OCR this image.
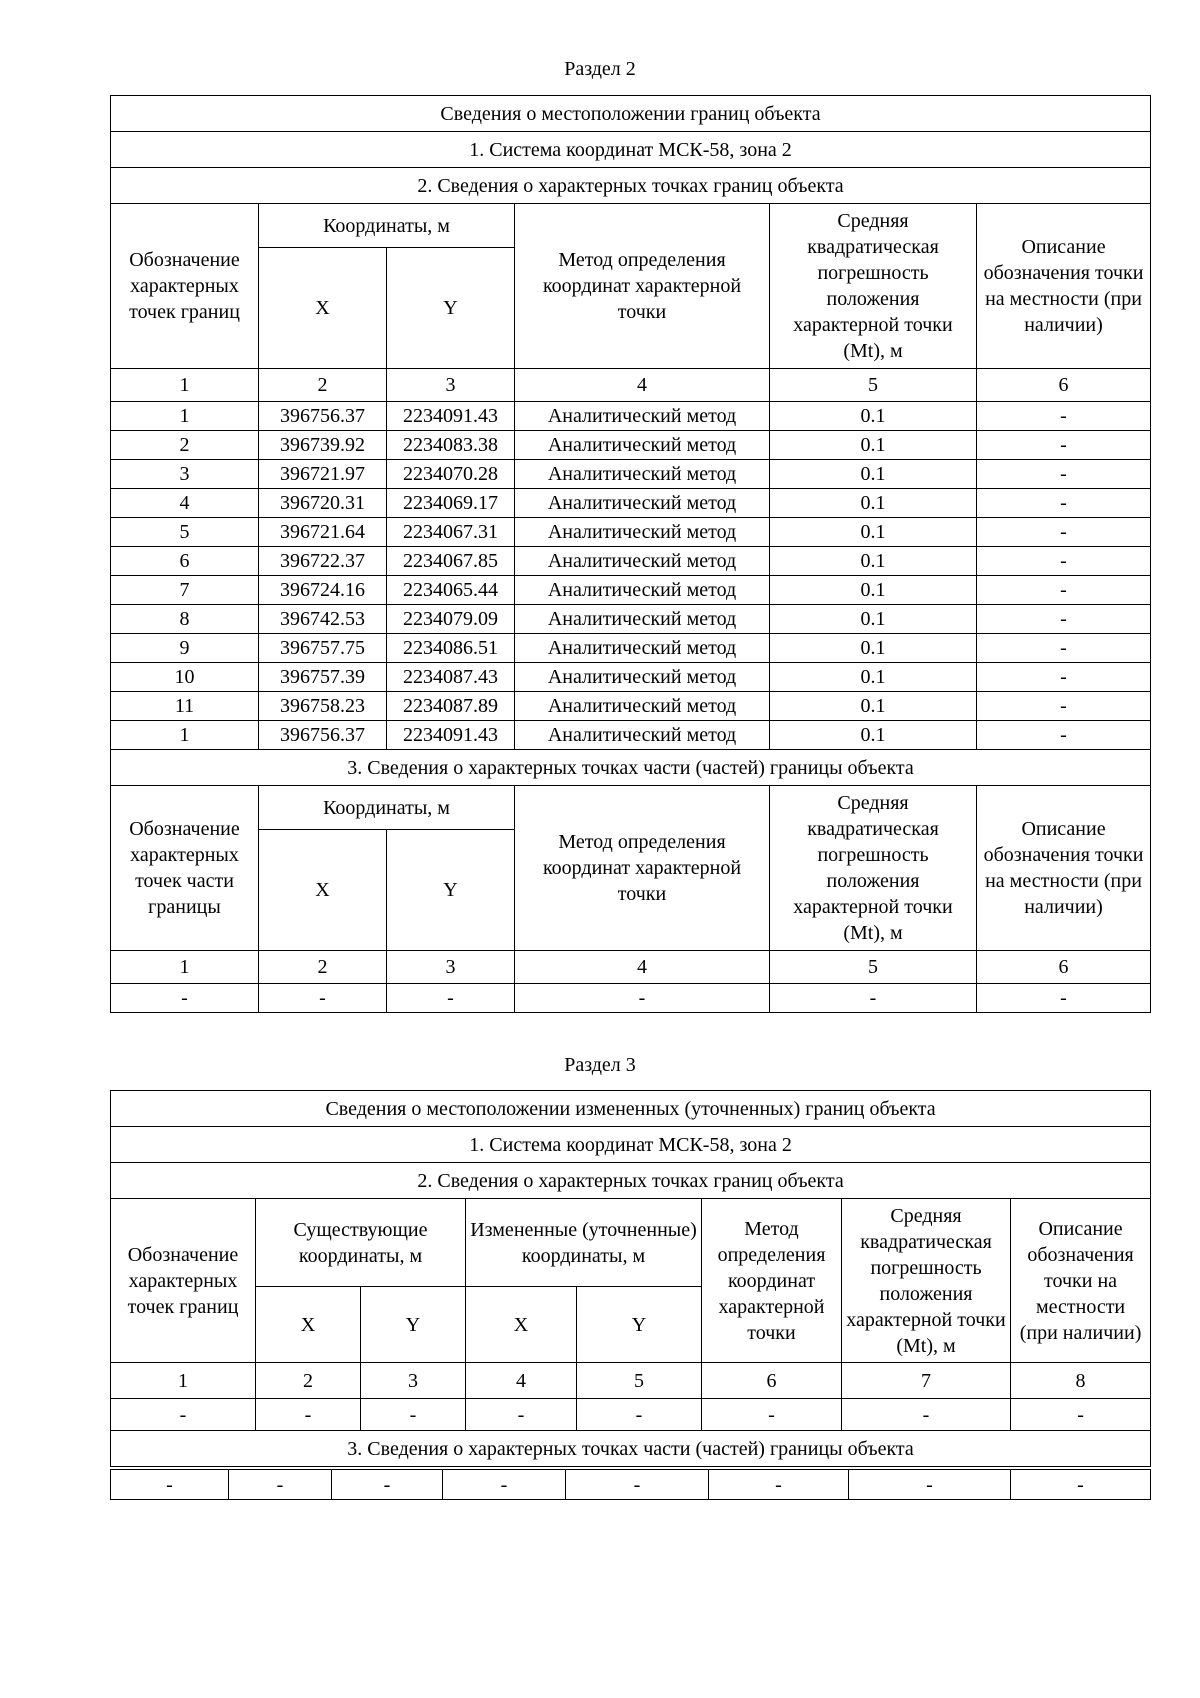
Раздел 2
Сведения о местоположении границ объекта					
1. Система координат МСК-58, зона 2					
2. Сведения о характерных точках границ объекта					
Обозначение характерных точек границ	Координаты, м		Метод определения координат характерной точки	Средняя квадратическая погрешность положения характерной точки (Mt), м	Описание обозначения точки на местности (при наличии)
	X	Y			
1	2	3	4	5	6
1	396756.37	2234091.43	Аналитический метод	0.1	-
2	396739.92	2234083.38	Аналитический метод	0.1	-
3	396721.97	2234070.28	Аналитический метод	0.1	-
4	396720.31	2234069.17	Аналитический метод	0.1	-
5	396721.64	2234067.31	Аналитический метод	0.1	-
6	396722.37	2234067.85	Аналитический метод	0.1	-
7	396724.16	2234065.44	Аналитический метод	0.1	-
8	396742.53	2234079.09	Аналитический метод	0.1	-
9	396757.75	2234086.51	Аналитический метод	0.1	-
10	396757.39	2234087.43	Аналитический метод	0.1	-
11	396758.23	2234087.89	Аналитический метод	0.1	-
1	396756.37	2234091.43	Аналитический метод	0.1	-
3. Сведения о характерных точках части (частей) границы объекта					
Обозначение характерных точек части границы	Координаты, м		Метод определения координат характерной точки	Средняя квадратическая погрешность положения характерной точки (Mt), м	Описание обозначения точки на местности (при наличии)
	X	Y			
1	2	3	4	5	6
-	-	-	-	-	-
Раздел 3
Сведения о местоположении измененных (уточненных) границ объекта							
1. Система координат МСК-58, зона 2							
2. Сведения о характерных точках границ объекта							
Обозначение характерных точек границ	Существующие координаты, м		Измененные (уточненные) координаты, м		Метод определения координат характерной точки	Средняя квадратическая погрешность положения характерной точки (Mt), м	Описание обозначения точки на местности (при наличии)
	X	Y	X	Y			
1	2	3	4	5	6	7	8
-	-	-	-	-	-	-	-
3. Сведения о характерных точках части (частей) границы объекта							
-	-	-	-	-	-	-	-
